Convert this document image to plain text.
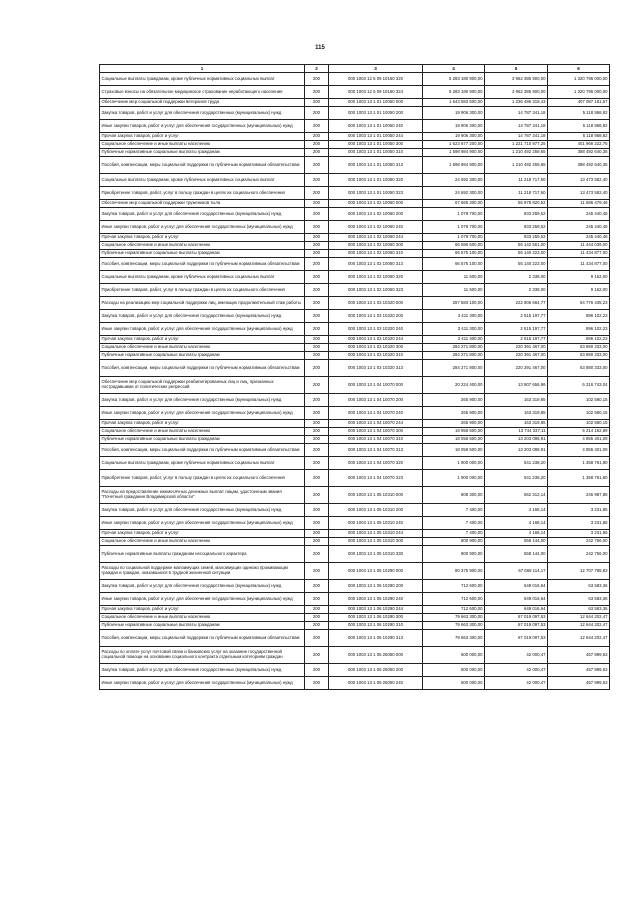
115
1	2	3	4	5	6
Социальные выплаты гражданам, кроме публичных нормативных социальных выплат	200	000 1003 12 5 09 10160 320	5 283 180 900,00	3 962 385 900,00	1 320 795 000,00
Страховые взносы на обязательное медицинское страхование неработающего населения	200	000 1003 12 5 09 10160 324	5 283 180 900,00	3 962 385 900,00	1 320 795 000,00
Обеспечение мер социальной поддержки ветеранов труда	200	000 1003 13 1 01 10050 000	1 643 583 500,00	1 236 496 318,43	407 087 181,57
Закупка товаров, работ и услуг для обеспечения государственных (муниципальных) нужд	200	000 1003 13 1 01 10050 200	19 906 300,00	14 787 341,18	5 118 958,82
Иные закупки товаров, работ и услуг для обеспечения государственных (муниципальных) нужд	200	000 1003 13 1 01 10050 240	19 906 300,00	14 787 341,18	5 118 958,82
Прочая закупка товаров, работ и услуг	200	000 1003 13 1 01 10050 244	19 906 300,00	14 787 341,18	5 118 958,82
Социальное обеспечение и иные выплаты населению	200	000 1003 13 1 01 10050 300	1 623 677 200,00	1 221 710 977,25	401 966 222,75
Публичные нормативные социальные выплаты гражданам	200	000 1003 13 1 01 10050 310	1 598 984 900,00	1 210 492 259,65	388 492 640,35
Пособия, компенсации, меры социальной поддержки по публичным нормативным обязательствам	200	000 1003 13 1 01 10050 313	1 598 984 900,00	1 210 492 259,65	388 492 640,35
Социальные выплаты гражданам, кроме публичных нормативных социальных выплат	200	000 1003 13 1 01 10050 320	24 692 300,00	11 218 717,60	13 473 582,40
Приобретение товаров, работ, услуг в пользу граждан в целях их социального обеспечения	200	000 1003 13 1 01 10050 323	24 692 300,00	11 218 717,60	13 473 582,40
Обеспечение мер социальной поддержки тружеников тыла	200	000 1003 13 1 02 10060 000	67 665 300,00	55 978 820,52	11 686 479,48
Закупка товаров, работ и услуг для обеспечения государственных (муниципальных) нужд	200	000 1003 13 1 02 10060 200	1 078 700,00	833 259,52	245 440,48
Иные закупки товаров, работ и услуг для обеспечения государственных (муниципальных) нужд	200	000 1003 13 1 02 10060 240	1 078 700,00	833 259,52	245 440,48
Прочая закупка товаров, работ и услуг	200	000 1003 13 1 02 10060 244	1 078 700,00	833 259,52	245 440,48
Социальное обеспечение и иные выплаты населению	200	000 1003 13 1 02 10060 300	66 586 600,00	55 142 561,00	11 444 039,00
Публичные нормативные социальные выплаты гражданам	200	000 1003 13 1 02 10060 310	66 575 100,00	55 140 223,00	11 434 877,00
Пособия, компенсации, меры социальной поддержки по публичным нормативным обязательствам	200	000 1003 13 1 02 10060 313	66 575 100,00	55 140 223,00	11 434 877,00
Социальные выплаты гражданам, кроме публичных нормативных социальных выплат	200	000 1003 13 1 02 10060 320	11 500,00	2 338,00	9 162,00
Приобретение товаров, работ, услуг в пользу граждан в целях их социального обеспечения	200	000 1003 13 1 02 10060 323	11 500,00	2 338,00	9 162,00
Расходы на реализацию мер социальной поддержки лиц, имеющих продолжительный стаж работы	200	000 1003 13 1 03 10320 000	287 683 100,00	222 906 664,77	64 776 435,23
Закупка товаров, работ и услуг для обеспечения государственных (муниципальных) нужд	200	000 1003 13 1 03 10320 200	3 411 300,00	2 515 197,77	896 102,23
Иные закупки товаров, работ и услуг для обеспечения государственных (муниципальных) нужд	200	000 1003 13 1 03 10320 240	3 411 300,00	2 515 197,77	896 102,23
Прочая закупка товаров, работ и услуг	200	000 1003 13 1 03 10320 244	3 411 300,00	2 515 197,77	896 102,23
Социальное обеспечение и иные выплаты населению	200	000 1003 13 1 03 10320 300	284 271 800,00	220 391 467,00	63 880 333,00
Публичные нормативные социальные выплаты гражданам	200	000 1003 13 1 03 10320 310	284 271 800,00	220 391 467,00	63 880 333,00
Пособия, компенсации, меры социальной поддержки по публичным нормативным обязательствам	200	000 1003 13 1 03 10320 313	284 271 800,00	220 391 467,00	63 880 333,00
Обеспечение мер социальной поддержки реабилитированных лиц и лиц, признанных пострадавшими от политических репрессий	200	000 1003 13 1 04 10070 000	20 224 400,00	13 907 656,96	6 316 743,04
Закупка товаров, работ и услуг для обеспечения государственных (муниципальных) нужд	200	000 1003 13 1 04 10070 200	265 900,00	163 319,85	102 580,15
Иные закупки товаров, работ и услуг для обеспечения государственных (муниципальных) нужд	200	000 1003 13 1 04 10070 240	265 900,00	163 319,85	102 580,15
Прочая закупка товаров, работ и услуг	200	000 1003 13 1 04 10070 244	265 900,00	163 319,85	102 580,15
Социальное обеспечение и иные выплаты населению	200	000 1003 13 1 04 10070 300	19 958 500,00	13 744 337,11	6 214 162,89
Публичные нормативные социальные выплаты гражданам	200	000 1003 13 1 04 10070 310	18 058 500,00	13 203 098,91	4 855 401,09
Пособия, компенсации, меры социальной поддержки по публичным нормативным обязательствам	200	000 1003 13 1 04 10070 313	18 058 500,00	13 203 098,91	4 855 401,09
Социальные выплаты гражданам, кроме публичных нормативных социальных выплат	200	000 1003 13 1 04 10070 320	1 900 000,00	541 238,20	1 358 761,80
Приобретение товаров, работ, услуг в пользу граждан в целях их социального обеспечения	200	000 1003 13 1 04 10070 323	1 900 000,00	541 238,20	1 358 761,80
Расходы на предоставление ежемесячных денежных выплат лицам, удостоенным звания "Почетный гражданин Владимирской области"	200	000 1003 13 1 05 10310 000	808 300,00	562 312,14	245 987,86
Закупка товаров, работ и услуг для обеспечения государственных (муниципальных) нужд	200	000 1003 13 1 05 10310 200	7 400,00	4 168,14	3 231,86
Иные закупки товаров, работ и услуг для обеспечения государственных (муниципальных) нужд	200	000 1003 13 1 05 10310 240	7 400,00	4 168,14	3 231,86
Прочая закупка товаров, работ и услуг	200	000 1003 13 1 05 10310 244	7 400,00	4 168,14	3 231,86
Социальное обеспечение и иные выплаты населению	200	000 1003 13 1 05 10310 300	800 900,00	558 144,00	242 756,00
Публичные нормативные выплаты гражданам несоциального характера	200	000 1003 13 1 05 10310 330	800 900,00	558 144,00	242 756,00
Расходы по социальной поддержке малоимущих семей, малоимущих одиноко проживающих граждан и граждан, оказавшихся в трудной жизненной ситуации	200	000 1003 13 1 06 10290 000	80 375 900,00	67 668 114,17	12 707 785,83
Закупка товаров, работ и услуг для обеспечения государственных (муниципальных) нужд	200	000 1003 13 1 06 10290 200	712 600,00	649 016,64	63 583,36
Иные закупки товаров, работ и услуг для обеспечения государственных (муниципальных) нужд	200	000 1003 13 1 06 10290 240	712 600,00	649 016,64	63 583,36
Прочая закупка товаров, работ и услуг	200	000 1003 13 1 06 10290 244	712 600,00	649 016,64	63 583,36
Социальное обеспечение и иные выплаты населению	200	000 1003 13 1 06 10290 300	79 663 300,00	67 019 097,53	12 644 202,47
Публичные нормативные социальные выплаты гражданам	200	000 1003 13 1 06 10290 310	79 663 300,00	67 019 097,53	12 644 202,47
Пособия, компенсации, меры социальной поддержки по публичным нормативным обязательствам	200	000 1003 13 1 06 10290 313	79 663 300,00	67 019 097,53	12 644 202,47
Расходы по оплате услуг почтовой связи и банковских услуг на оказание государственной социальной помощи на основании социального контракта отдельным категориям граждан	200	000 1003 13 1 06 25050 000	500 000,00	42 000,47	457 999,53
Закупка товаров, работ и услуг для обеспечения государственных (муниципальных) нужд	200	000 1003 13 1 06 25050 200	500 000,00	42 000,47	457 999,53
Иные закупки товаров, работ и услуг для обеспечения государственных (муниципальных) нужд	200	000 1003 13 1 06 25050 240	500 000,00	42 000,47	457 999,53
